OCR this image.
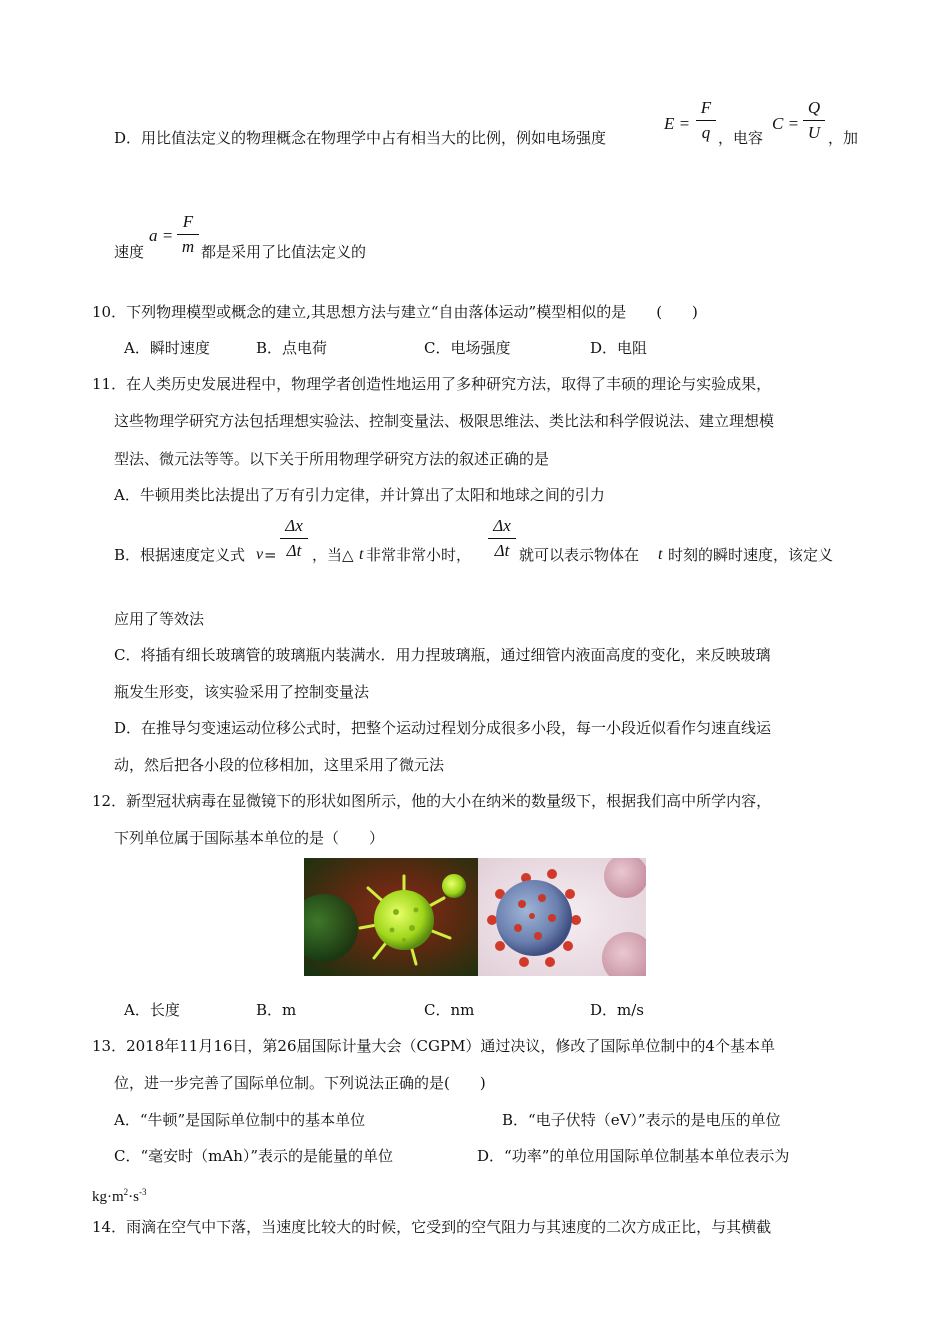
D．用比值法定义的物理概念在物理学中占有相当大的比例，例如电场强度
E =
F
q ，电容
C =
Q
U ，加
速度
a =
F
m 都是采用了比值法定义的
10．下列物理模型或概念的建立,其思想方法与建立“自由落体运动”模型相似的是　　(　　)
A．瞬时速度	B．点电荷	C．电场强度	D．电阻
11．在人类历史发展进程中，物理学者创造性地运用了多种研究方法，取得了丰硕的理论与实验成果，
这些物理学研究方法包括理想实验法、控制变量法、极限思维法、类比法和科学假说法、建立理想模
型法、微元法等等。以下关于所用物理学研究方法的叙述正确的是
A．牛顿用类比法提出了万有引力定律，并计算出了太阳和地球之间的引力
B．根据速度定义式 v =
Δx
Δt ，当△ t 非常非常小时，
Δx
Δt 就可以表示物体在 t 时刻的瞬时速度，该定义
应用了等效法
C．将插有细长玻璃管的玻璃瓶内装满水．用力捏玻璃瓶，通过细管内液面高度的变化，来反映玻璃
瓶发生形变，该实验采用了控制变量法
D．在推导匀变速运动位移公式时，把整个运动过程划分成很多小段，每一小段近似看作匀速直线运
动，然后把各小段的位移相加，这里采用了微元法
12．新型冠状病毒在显微镜下的形状如图所示，他的大小在纳米的数量级下，根据我们高中所学内容，
下列单位属于国际基本单位的是（　　）
A．长度	B．m	C．nm	D．m/s
13．2018年11月16日，第26届国际计量大会（CGPM）通过决议，修改了国际单位制中的4个基本单
位，进一步完善了国际单位制。下列说法正确的是(　　)
A．“牛顿”是国际单位制中的基本单位	B．“电子伏特（eV）”表示的是电压的单位
C．“毫安时（mAh）”表示的是能量的单位	D．“功率”的单位用国际单位制基本单位表示为
$kg\cdot m^2\cdot s^{-3}$
14．雨滴在空气中下落，当速度比较大的时候，它受到的空气阻力与其速度的二次方成正比，与其横截
